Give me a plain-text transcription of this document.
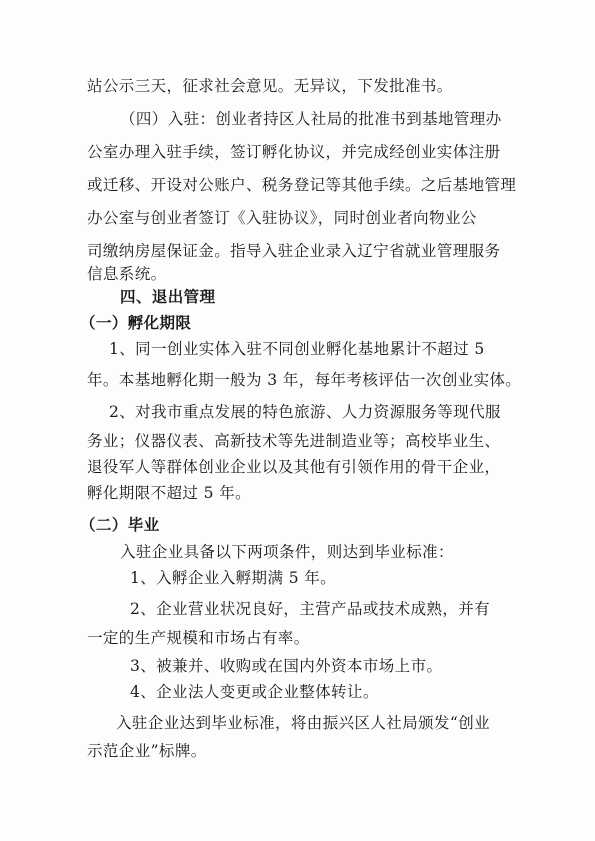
站公示三天，征求社会意见。无异议，下发批准书。
（四）入驻：创业者持区人社局的批准书到基地管理办
公室办理入驻手续，签订孵化协议，并完成经创业实体注册
或迁移、开设对公账户、税务登记等其他手续。之后基地管理
办公室与创业者签订《入驻协议》，同时创业者向物业公
司缴纳房屋保证金。指导入驻企业录入辽宁省就业管理服务
信息系统。
四、退出管理
（一）孵化期限
1、同一创业实体入驻不同创业孵化基地累计不超过 5
年。本基地孵化期一般为 3 年，每年考核评估一次创业实体。
2、对我市重点发展的特色旅游、人力资源服务等现代服
务业；仪器仪表、高新技术等先进制造业等；高校毕业生、
退役军人等群体创业企业以及其他有引领作用的骨干企业，
孵化期限不超过 5 年。
（二）毕业
入驻企业具备以下两项条件，则达到毕业标准：
1、入孵企业入孵期满 5 年。
2、企业营业状况良好，主营产品或技术成熟，并有
一定的生产规模和市场占有率。
3、被兼并、收购或在国内外资本市场上市。
4、企业法人变更或企业整体转让。
入驻企业达到毕业标准，将由振兴区人社局颁发“创业
示范企业”标牌。
